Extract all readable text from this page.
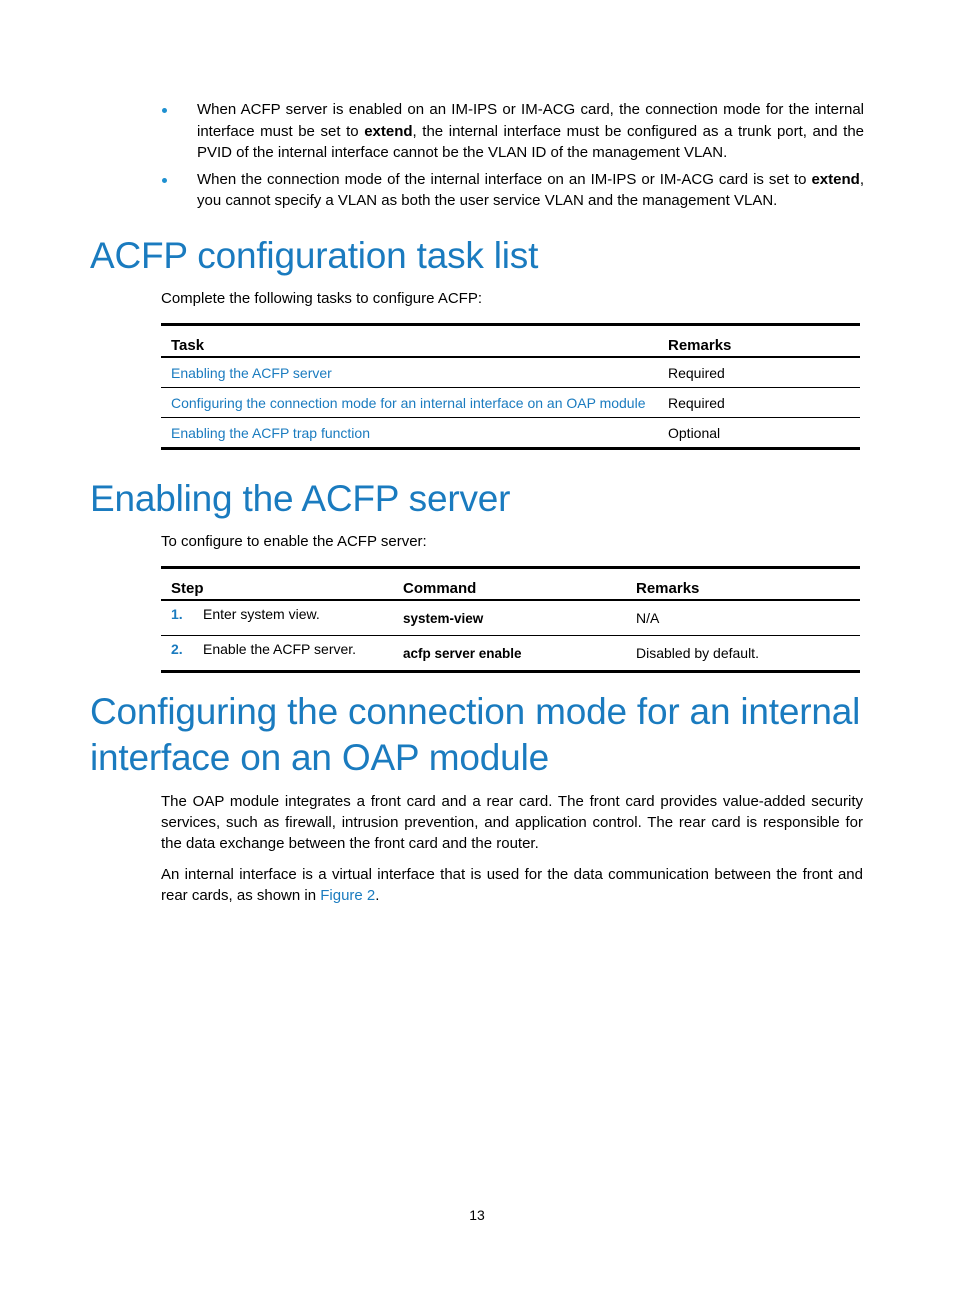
When ACFP server is enabled on an IM-IPS or IM-ACG card, the connection mode for the internal interface must be set to extend, the internal interface must be configured as a trunk port, and the PVID of the internal interface cannot be the VLAN ID of the management VLAN.
When the connection mode of the internal interface on an IM-IPS or IM-ACG card is set to extend, you cannot specify a VLAN as both the user service VLAN and the management VLAN.
ACFP configuration task list

Complete the following tasks to configure ACFP:

Task	Remarks
Enabling the ACFP server	Required
Configuring the connection mode for an internal interface on an OAP module	Required
Enabling the ACFP trap function	Optional
Enabling the ACFP server

To configure to enable the ACFP server:

Step	Command	Remarks
1. Enter system view.	system-view	N/A
2. Enable the ACFP server.	acfp server enable	Disabled by default.
Configuring the connection mode for an internal
interface on an OAP module

The OAP module integrates a front card and a rear card. The front card provides value-added security services, such as firewall, intrusion prevention, and application control. The rear card is responsible for the data exchange between the front card and the router.

An internal interface is a virtual interface that is used for the data communication between the front and rear cards, as shown in Figure 2.

13
